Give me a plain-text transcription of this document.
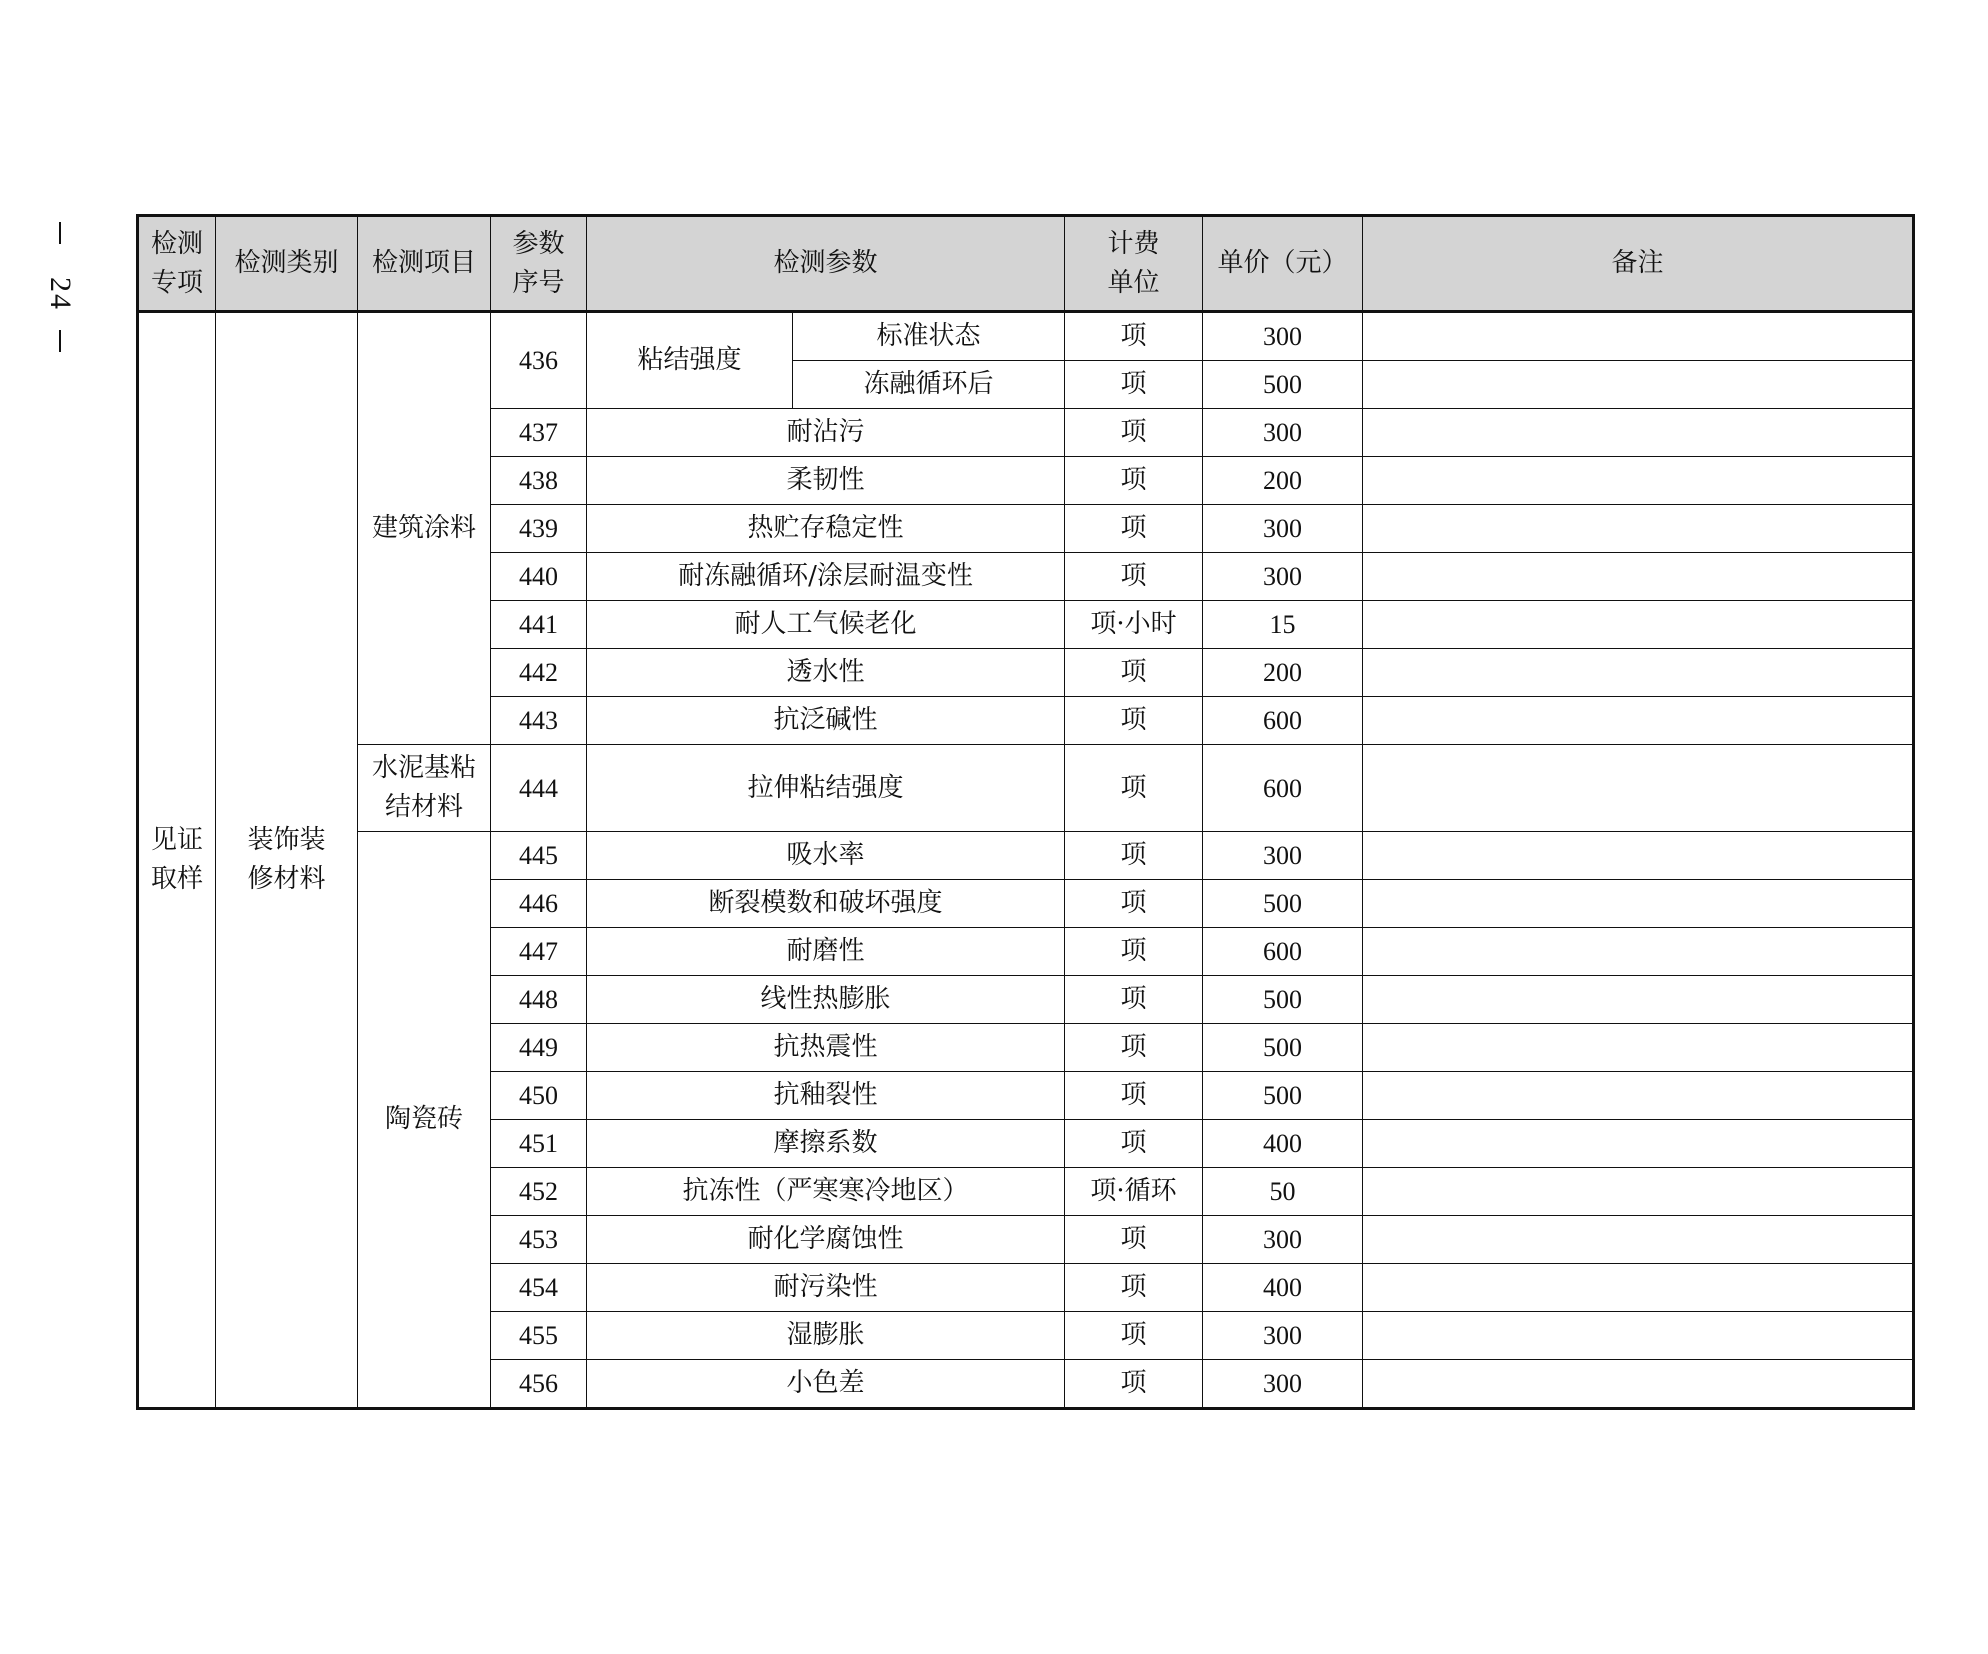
24
检测专项	检测类别	检测项目	参数序号	检测参数		计费单位	单价（元）	备注
见证取样	装饰装修材料	建筑涂料	436	粘结强度	标准状态	项	300	
					冻融循环后	项	500	
			437	耐沾污		项	300	
			438	柔韧性		项	200	
			439	热贮存稳定性		项	300	
			440	耐冻融循环/涂层耐温变性		项	300	
			441	耐人工气候老化		项·小时	15	
			442	透水性		项	200	
			443	抗泛碱性		项	600	
		水泥基粘结材料	444	拉伸粘结强度		项	600	
		陶瓷砖	445	吸水率		项	300	
			446	断裂模数和破坏强度		项	500	
			447	耐磨性		项	600	
			448	线性热膨胀		项	500	
			449	抗热震性		项	500	
			450	抗釉裂性		项	500	
			451	摩擦系数		项	400	
			452	抗冻性（严寒寒冷地区）		项·循环	50	
			453	耐化学腐蚀性		项	300	
			454	耐污染性		项	400	
			455	湿膨胀		项	300	
			456	小色差		项	300	
